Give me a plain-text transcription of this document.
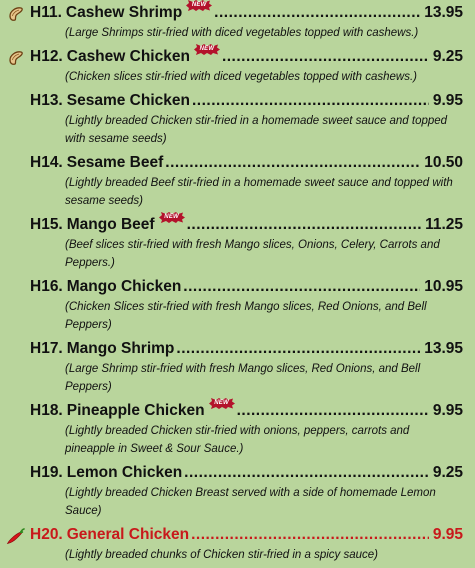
H11. Cashew Shrimp	NEW .....	13.95
(Large Shrimps stir-fried with diced vegetables topped with cashews.)
H12. Cashew Chicken	NEW .....	9.25
(Chicken slices stir-fried with diced vegetables topped with cashews.)
H13. Sesame Chicken .....	9.95
(Lightly breaded Chicken stir-fried in a homemade sweet sauce and topped with sesame seeds)
H14. Sesame Beef .....	10.50
(Lightly breaded Beef stir-fried in a homemade sweet sauce and topped with sesame seeds)
H15. Mango Beef	NEW .....	11.25
(Beef slices stir-fried with fresh Mango slices, Onions, Celery, Carrots and Peppers.)
H16. Mango Chicken .....	10.95
(Chicken Slices stir-fried with fresh Mango slices, Red Onions, and Bell Peppers)
H17. Mango Shrimp .....	13.95
(Large Shrimp stir-fried with fresh Mango slices, Red Onions, and Bell Peppers)
H18. Pineapple Chicken	NEW .....	9.95
(Lightly breaded Chicken stir-fried with onions, peppers, carrots and pineapple in Sweet & Sour Sauce.)
H19. Lemon Chicken .....	9.25
(Lightly breaded Chicken Breast served with a side of homemade Lemon Sauce)
H20. General Chicken .....	9.95
(Lightly breaded chunks of Chicken stir-fried in a spicy sauce)
